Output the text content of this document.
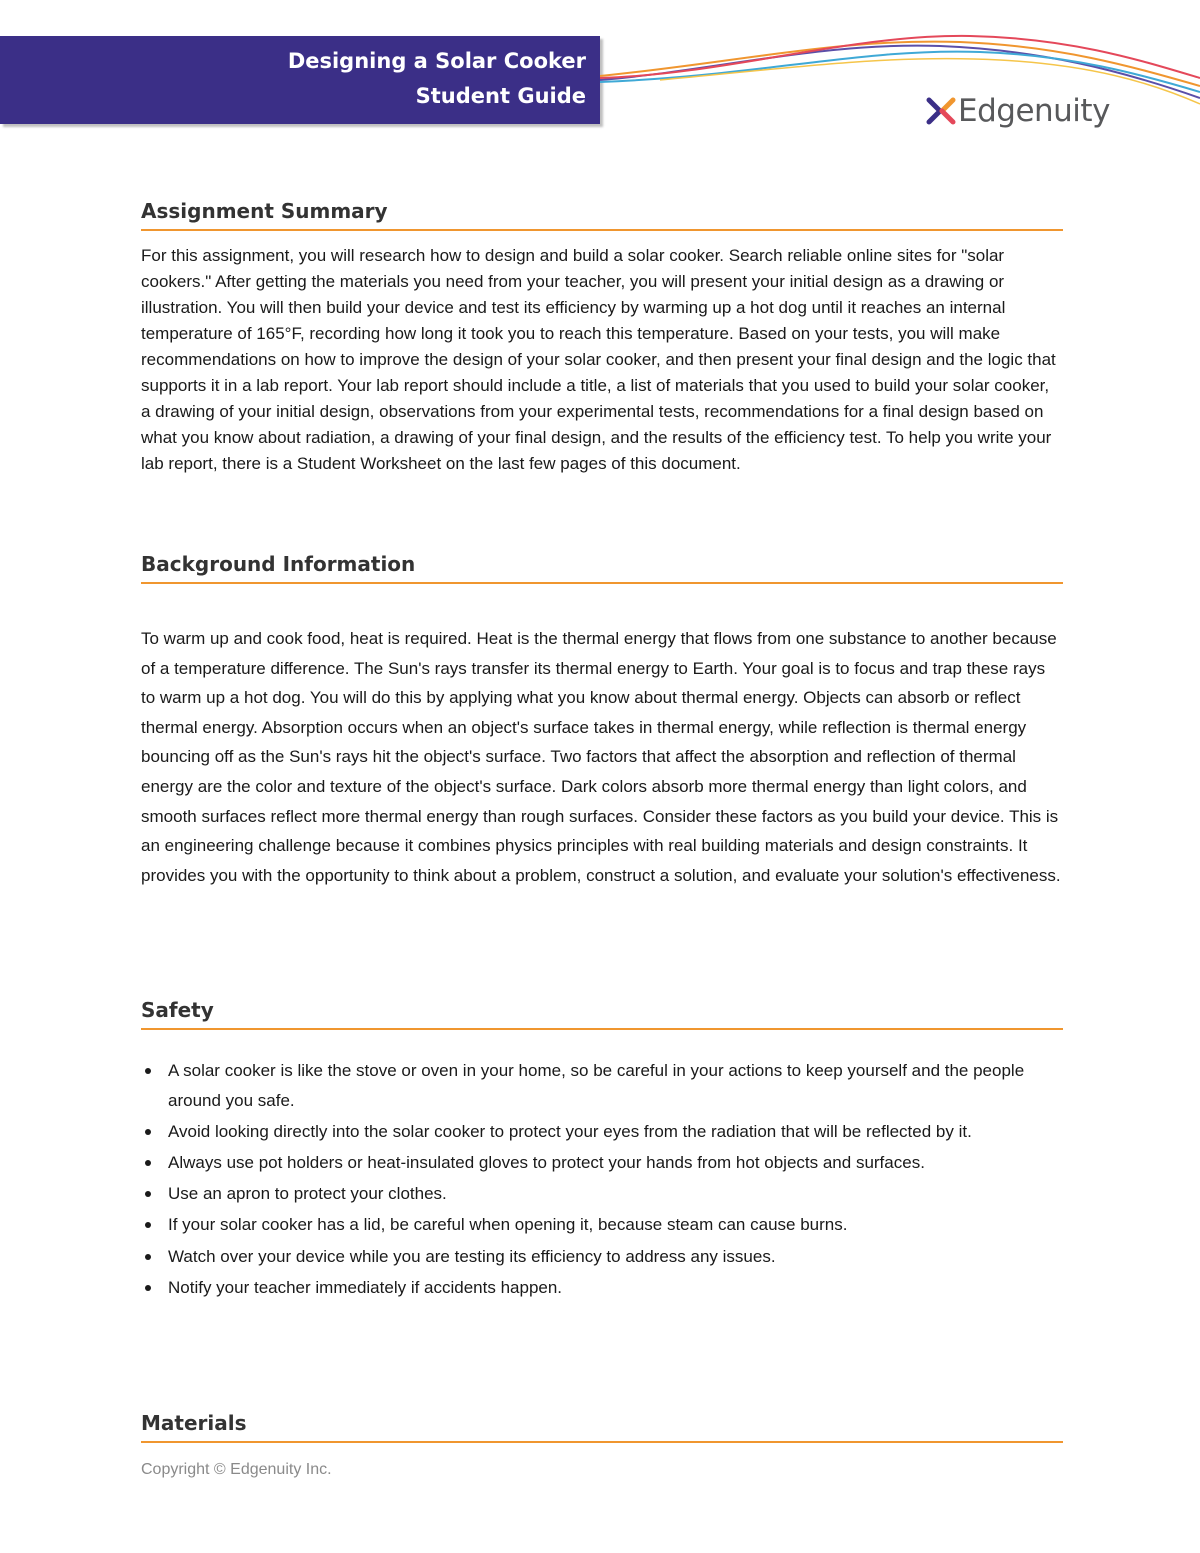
Designing a Solar Cooker
Student Guide	Edgenuity
Assignment Summary

For this assignment, you will research how to design and build a solar cooker. Search reliable online sites for "solar cookers." After getting the materials you need from your teacher, you will present your initial design as a drawing or illustration. You will then build your device and test its efficiency by warming up a hot dog until it reaches an internal temperature of 165°F, recording how long it took you to reach this temperature. Based on your tests, you will make recommendations on how to improve the design of your solar cooker, and then present your final design and the logic that supports it in a lab report. Your lab report should include a title, a list of materials that you used to build your solar cooker, a drawing of your initial design, observations from your experimental tests, recommendations for a final design based on what you know about radiation, a drawing of your final design, and the results of the efficiency test. To help you write your lab report, there is a Student Worksheet on the last few pages of this document.

Background Information

To warm up and cook food, heat is required. Heat is the thermal energy that flows from one substance to another because of a temperature difference. The Sun's rays transfer its thermal energy to Earth. Your goal is to focus and trap these rays to warm up a hot dog. You will do this by applying what you know about thermal energy. Objects can absorb or reflect thermal energy. Absorption occurs when an object's surface takes in thermal energy, while reflection is thermal energy bouncing off as the Sun's rays hit the object's surface. Two factors that affect the absorption and reflection of thermal energy are the color and texture of the object's surface. Dark colors absorb more thermal energy than light colors, and smooth surfaces reflect more thermal energy than rough surfaces. Consider these factors as you build your device. This is an engineering challenge because it combines physics principles with real building materials and design constraints. It provides you with the opportunity to think about a problem, construct a solution, and evaluate your solution's effectiveness.

Safety
A solar cooker is like the stove or oven in your home, so be careful in your actions to keep yourself and the people around you safe.
Avoid looking directly into the solar cooker to protect your eyes from the radiation that will be reflected by it.
Always use pot holders or heat-insulated gloves to protect your hands from hot objects and surfaces.
Use an apron to protect your clothes.
If your solar cooker has a lid, be careful when opening it, because steam can cause burns.
Watch over your device while you are testing its efficiency to address any issues.
Notify your teacher immediately if accidents happen.
Materials
Copyright © Edgenuity Inc.
